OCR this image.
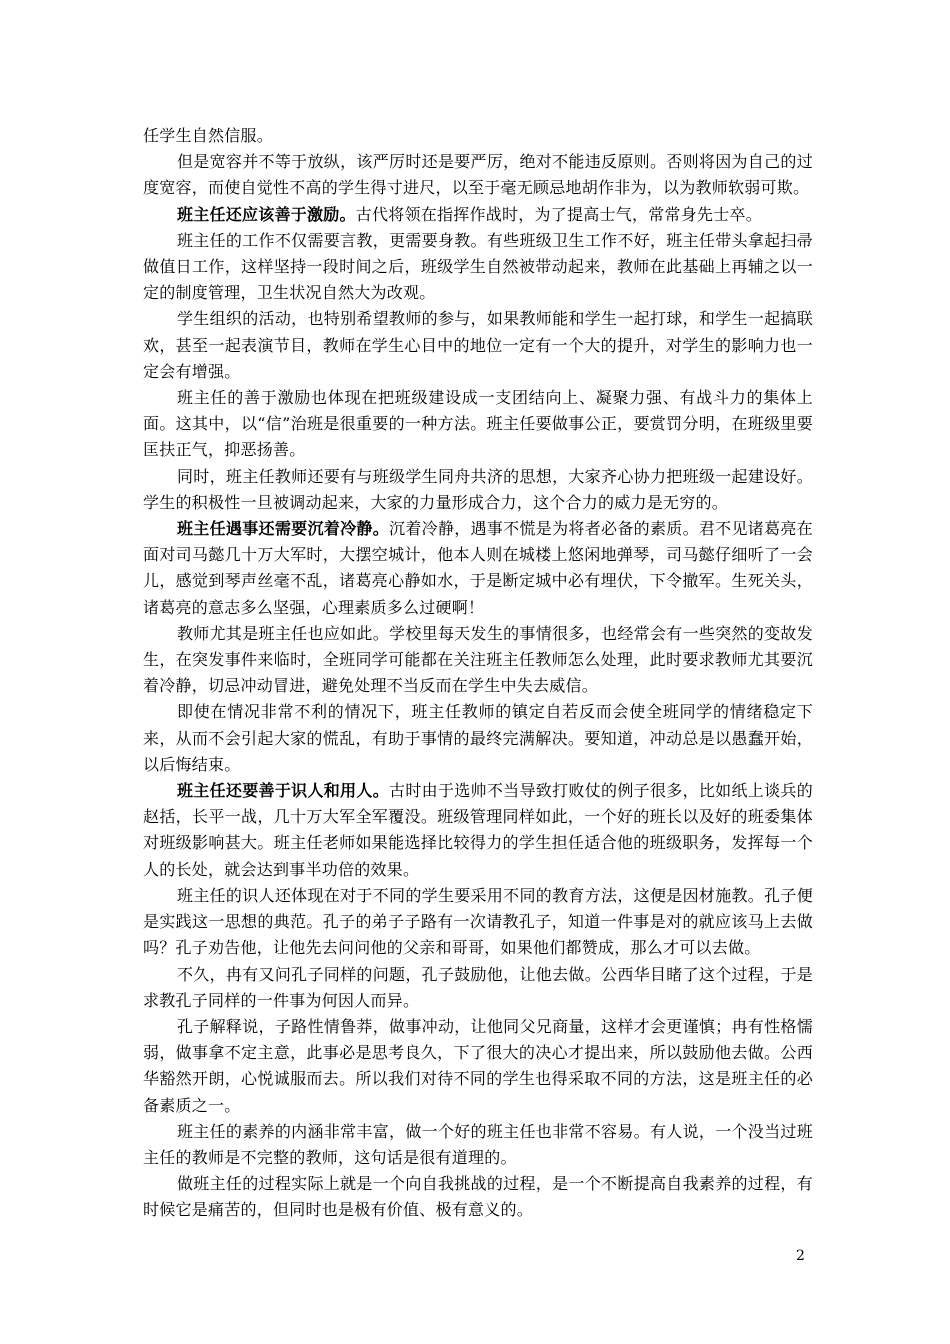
任学生自然信服。

但是宽容并不等于放纵，该严厉时还是要严厉，绝对不能违反原则。否则将因为自己的过度宽容，而使自觉性不高的学生得寸进尺，以至于毫无顾忌地胡作非为，以为教师软弱可欺。

班主任还应该善于激励。古代将领在指挥作战时，为了提高士气，常常身先士卒。

班主任的工作不仅需要言教，更需要身教。有些班级卫生工作不好，班主任带头拿起扫帚做值日工作，这样坚持一段时间之后，班级学生自然被带动起来，教师在此基础上再辅之以一定的制度管理，卫生状况自然大为改观。

学生组织的活动，也特别希望教师的参与，如果教师能和学生一起打球，和学生一起搞联欢，甚至一起表演节目，教师在学生心目中的地位一定有一个大的提升，对学生的影响力也一定会有增强。

班主任的善于激励也体现在把班级建设成一支团结向上、凝聚力强、有战斗力的集体上面。这其中，以“信”治班是很重要的一种方法。班主任要做事公正，要赏罚分明，在班级里要匡扶正气，抑恶扬善。

同时，班主任教师还要有与班级学生同舟共济的思想，大家齐心协力把班级一起建设好。学生的积极性一旦被调动起来，大家的力量形成合力，这个合力的威力是无穷的。

班主任遇事还需要沉着冷静。沉着冷静，遇事不慌是为将者必备的素质。君不见诸葛亮在面对司马懿几十万大军时，大摆空城计，他本人则在城楼上悠闲地弹琴，司马懿仔细听了一会儿，感觉到琴声丝毫不乱，诸葛亮心静如水，于是断定城中必有埋伏，下令撤军。生死关头，诸葛亮的意志多么坚强，心理素质多么过硬啊！

教师尤其是班主任也应如此。学校里每天发生的事情很多，也经常会有一些突然的变故发生，在突发事件来临时，全班同学可能都在关注班主任教师怎么处理，此时要求教师尤其要沉着冷静，切忌冲动冒进，避免处理不当反而在学生中失去威信。

即使在情况非常不利的情况下，班主任教师的镇定自若反而会使全班同学的情绪稳定下来，从而不会引起大家的慌乱，有助于事情的最终完满解决。要知道，冲动总是以愚蠢开始，以后悔结束。

班主任还要善于识人和用人。古时由于选帅不当导致打败仗的例子很多，比如纸上谈兵的赵括，长平一战，几十万大军全军覆没。班级管理同样如此，一个好的班长以及好的班委集体对班级影响甚大。班主任老师如果能选择比较得力的学生担任适合他的班级职务，发挥每一个人的长处，就会达到事半功倍的效果。

班主任的识人还体现在对于不同的学生要采用不同的教育方法，这便是因材施教。孔子便是实践这一思想的典范。孔子的弟子子路有一次请教孔子，知道一件事是对的就应该马上去做吗？孔子劝告他，让他先去问问他的父亲和哥哥，如果他们都赞成，那么才可以去做。

不久，冉有又问孔子同样的问题，孔子鼓励他，让他去做。公西华目睹了这个过程，于是求教孔子同样的一件事为何因人而异。

孔子解释说，子路性情鲁莽，做事冲动，让他同父兄商量，这样才会更谨慎；冉有性格懦弱，做事拿不定主意，此事必是思考良久，下了很大的决心才提出来，所以鼓励他去做。公西华豁然开朗，心悦诚服而去。所以我们对待不同的学生也得采取不同的方法，这是班主任的必备素质之一。

班主任的素养的内涵非常丰富，做一个好的班主任也非常不容易。有人说，一个没当过班主任的教师是不完整的教师，这句话是很有道理的。

做班主任的过程实际上就是一个向自我挑战的过程，是一个不断提高自我素养的过程，有时候它是痛苦的，但同时也是极有价值、极有意义的。

2
